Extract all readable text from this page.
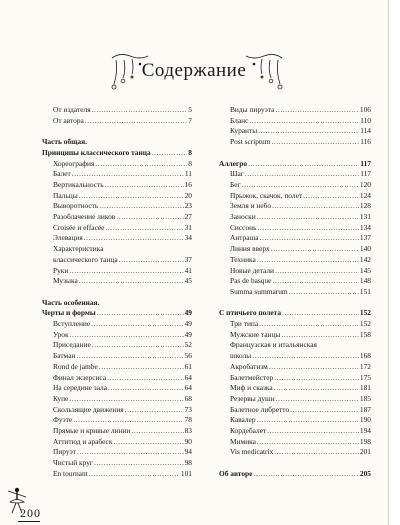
Содержание
От издателя .....	5
От автора .....	7
Часть общая.
Принципы классического танца .....	8
Хореография .....	8
Балет .....	11
Вертикальность .....	16
Пальцы .....	20
Выворотность .....	23
Разоблачение ликов .....	27
Croisée и effacée .....	31
Элевация .....	34
Характеристика
классического танца .....	37
Руки .....	41
Музыка .....	45
Часть особенная.
Черты и формы .....	49
Вступление .....	49
Урок .....	49
Приседание .....	52
Батман .....	56
Rond de jambe .....	61
Финал экзерсиса .....	64
На середине зала .....	64
Купе .....	68
Скользящие движения .....	73
Фуэте .....	78
Прямые и кривые линии .....	83
Аттитюд и арабеск .....	90
Пируэт .....	94
Чистый круг .....	98
En tournant .....	101
Виды пируэта .....	106
Бланс .....	110
Куранты .....	114
Post scriptum .....	116
Аллегро .....	117
Шаг .....	117
Бег .....	120
Прыжок, скачок, полет .....	124
Земля и небо .....	128
Заноски .....	131
Сиссонь .....	134
Антраша .....	137
Линия вверх .....	140
Техника .....	142
Новые детали .....	145
Pas de basque .....	148
Summa summarum .....	151
С птичьего полета .....	152
Три типа .....	152
Мужские танцы .....	158
Французская и итальянская
школы .....	168
Акробатизм .....	172
Балетмейстер .....	175
Миф и сказка .....	181
Резервы души .....	185
Балетное либретто .....	187
Кавалер .....	190
Кордебалет .....	194
Мимика .....	198
Vis medicatrix .....	201
Об авторе .....	205
200
